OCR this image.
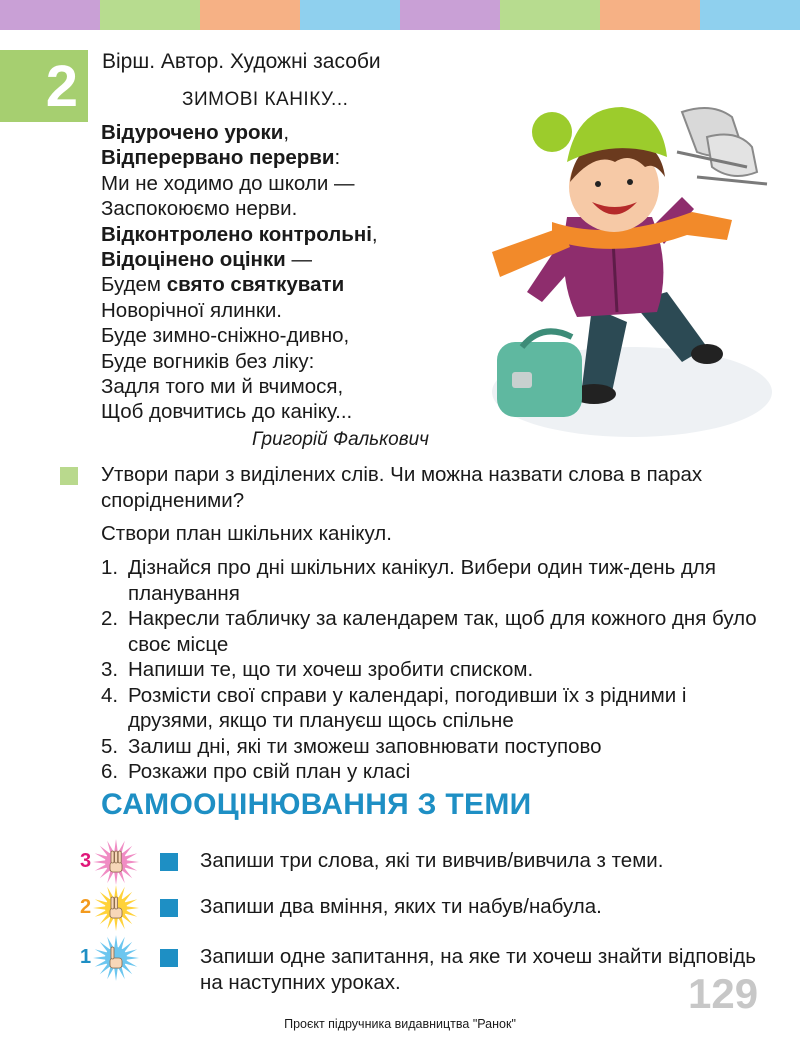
2	Вірш. Автор. Художні засоби
ЗИМОВІ КАНІКУ...
Відурочено уроки,
Відперервано перерви:
Ми не ходимо до школи —
Заспокоюємо нерви.
Відконтролено контрольні,
Відоцінено оцінки —
Будем свято святкувати
Новорічної ялинки.
Буде зимно-сніжно-дивно,
Буде вогників без ліку:
Задля того ми й вчимося,
Щоб довчитись до каніку...
Григорій Фалькович
Утвори пари з виділених слів. Чи можна назвати слова в парах спорідненими?
Створи план шкільних канікул.
1. Дізнайся про дні шкільних канікул. Вибери один тиж-день для планування
2. Накресли табличку за календарем так, щоб для кожного дня було своє місце
3. Напиши те, що ти хочеш зробити списком.
4. Розмісти свої справи у календарі, погодивши їх з рідними і друзями, якщо ти плануєш щось спільне
5. Залиш дні, які ти зможеш заповнювати поступово
6. Розкажи про свій план у класі
САМООЦІНЮВАННЯ З ТЕМИ
3	Запиши три слова, які ти вивчив/вивчила з теми.
2	Запиши два вміння, яких ти набув/набула.
1	Запиши одне запитання, на яке ти хочеш знайти відповідь на наступних уроках.	129
Проєкт підручника видавництва "Ранок"
